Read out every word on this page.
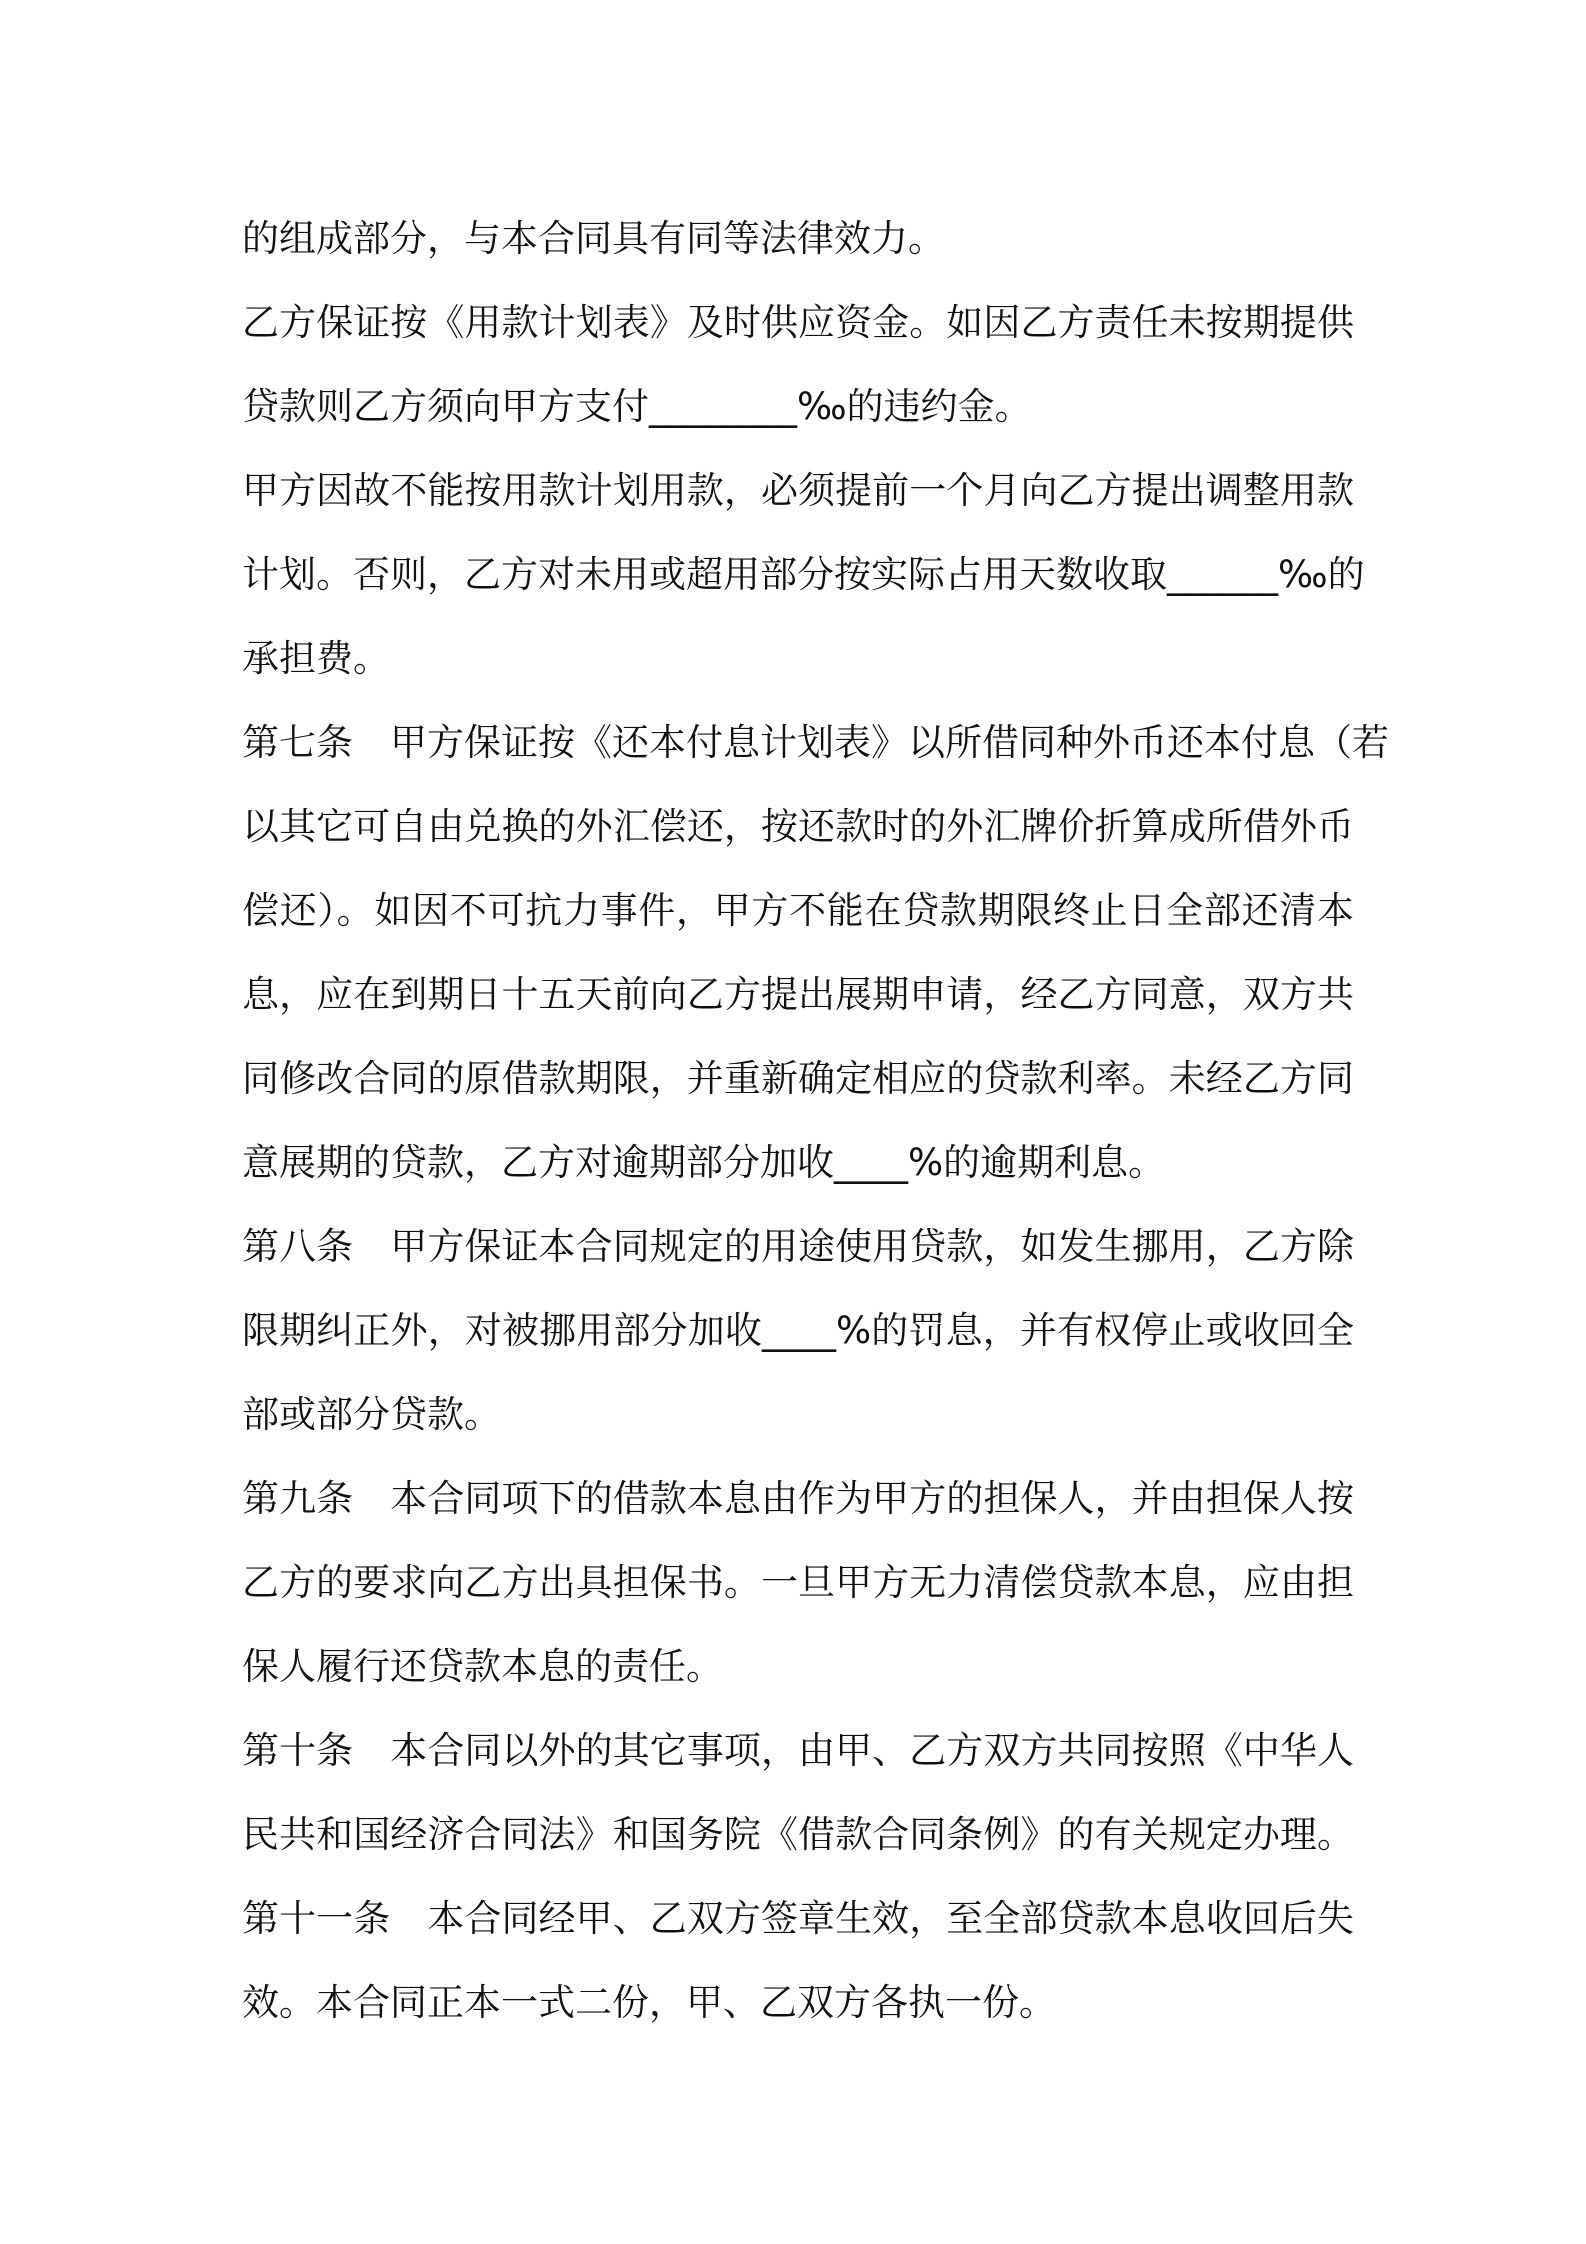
的组成部分，与本合同具有同等法律效力。
乙方保证按《用款计划表》及时供应资金。如因乙方责任未按期提供
贷款则乙方须向甲方支付________‰的违约金。
甲方因故不能按用款计划用款，必须提前一个月向乙方提出调整用款
计划。否则，乙方对未用或超用部分按实际占用天数收取______‰的
承担费。
第七条　甲方保证按《还本付息计划表》以所借同种外币还本付息（若
以其它可自由兑换的外汇偿还，按还款时的外汇牌价折算成所借外币
偿还）。如因不可抗力事件，甲方不能在贷款期限终止日全部还清本
息，应在到期日十五天前向乙方提出展期申请，经乙方同意，双方共
同修改合同的原借款期限，并重新确定相应的贷款利率。未经乙方同
意展期的贷款，乙方对逾期部分加收____%的逾期利息。
第八条　甲方保证本合同规定的用途使用贷款，如发生挪用，乙方除
限期纠正外，对被挪用部分加收____%的罚息，并有权停止或收回全
部或部分贷款。
第九条　本合同项下的借款本息由作为甲方的担保人，并由担保人按
乙方的要求向乙方出具担保书。一旦甲方无力清偿贷款本息，应由担
保人履行还贷款本息的责任。
第十条　本合同以外的其它事项，由甲、乙方双方共同按照《中华人
民共和国经济合同法》和国务院《借款合同条例》的有关规定办理。
第十一条　本合同经甲、乙双方签章生效，至全部贷款本息收回后失
效。本合同正本一式二份，甲、乙双方各执一份。
